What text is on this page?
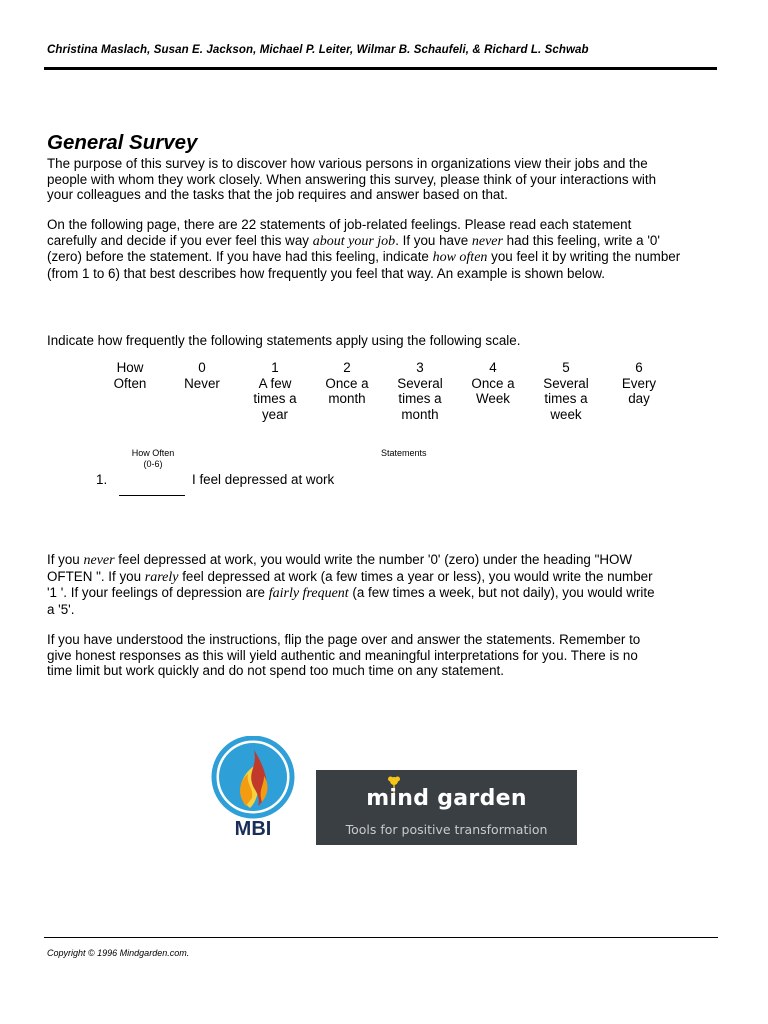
Christina Maslach, Susan E. Jackson, Michael P. Leiter, Wilmar B. Schaufeli, & Richard L. Schwab
General Survey

The purpose of this survey is to discover how various persons in organizations view their jobs and the
people with whom they work closely. When answering this survey, please think of your interactions with
your colleagues and the tasks that the job requires and answer based on that.

On the following page, there are 22 statements of job-related feelings. Please read each statement
carefully and decide if you ever feel this way about your job. If you have never had this feeling, write a '0'
(zero) before the statement. If you have had this feeling, indicate how often you feel it by writing the number
(from 1 to 6) that best describes how frequently you feel that way. An example is shown below.

Indicate how frequently the following statements apply using the following scale.

How
Often
0
Never
1
A few
times a
year
2
Once a
month
3
Several
times a
month
4
Once a
Week
5
Several
times a
week
6
Every
day
How Often
(0-6)
Statements
1.	I feel depressed at work

If you never feel depressed at work, you would write the number '0' (zero) under the heading "HOW
OFTEN ". If you rarely feel depressed at work (a few times a year or less), you would write the number
'1 '. If your feelings of depression are fairly frequent (a few times a week, but not daily), you would write
a '5'.

If you have understood the instructions, flip the page over and answer the statements. Remember to
give honest responses as this will yield authentic and meaningful interpretations for you. There is no
time limit but work quickly and do not spend too much time on any statement.

MBI
mind garden
Tools for positive transformation
Copyright © 1996 Mindgarden.com.
